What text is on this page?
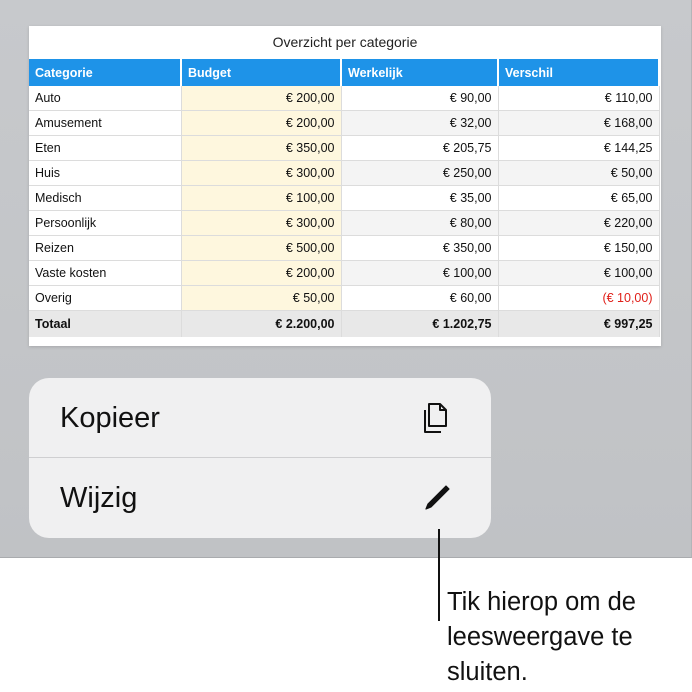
Overzicht per categorie
Categorie	Budget	Werkelijk	Verschil
Auto	€ 200,00	€ 90,00	€ 110,00
Amusement	€ 200,00	€ 32,00	€ 168,00
Eten	€ 350,00	€ 205,75	€ 144,25
Huis	€ 300,00	€ 250,00	€ 50,00
Medisch	€ 100,00	€ 35,00	€ 65,00
Persoonlijk	€ 300,00	€ 80,00	€ 220,00
Reizen	€ 500,00	€ 350,00	€ 150,00
Vaste kosten	€ 200,00	€ 100,00	€ 100,00
Overig	€ 50,00	€ 60,00	(€ 10,00)
Totaal	€ 2.200,00	€ 1.202,75	€ 997,25
Kopieer
Wijzig
Tik hierop om de leesweergave te sluiten.
